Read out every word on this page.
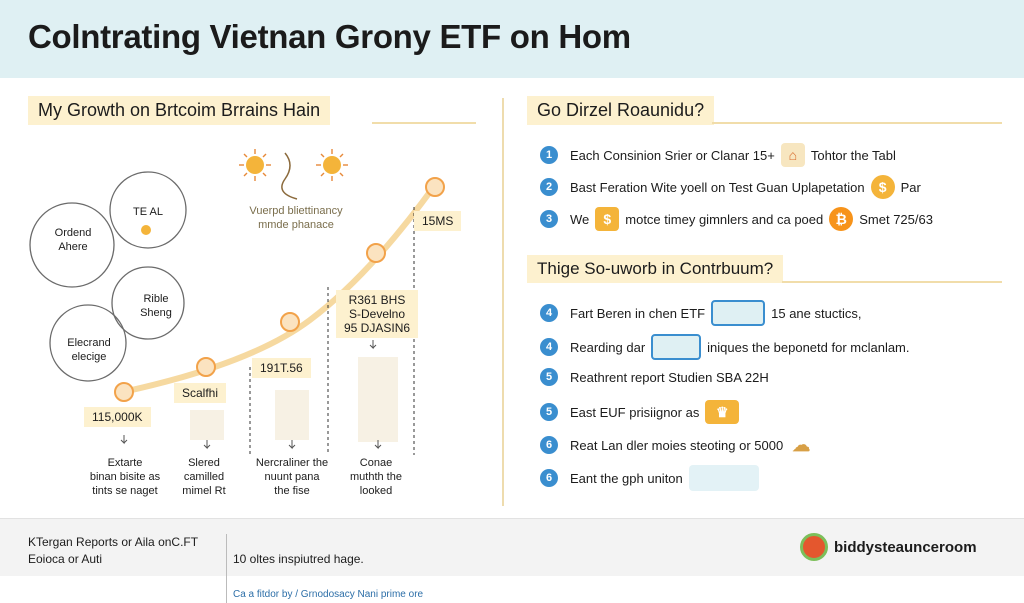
Colntrating Vietnan Grony ETF on Hom
My Growth on Brtcoim Brrains Hain
TE AL
Ordend
Ahere
Rible
Sheng
Elecrand
elecige
Vuerpd bliettinancy
mmde phanace	15MS
R361 BHS
S-Develno
95 DJASIN6
191T.56
Scalfhi
115,000K
Extarte
binan bisite as
tints se naget
Slered
camilled
mimel Rt
Nercraliner the
nuunt pana
the fise
Conae
muthth the
looked
Go Dirzel Roaunidu?
1	Each Consinion Srier or Clanar 15+ ⌂	Tohtor the Tabl
2	Bast Feration Wite yoell on Test Guan Uplapetation	$	Par
3	We	$	motce timey gimnlers and ca poed ₿ Smet 725/63
Thige So-uworb in Contrbuum?
4	Fart Beren in chen ETF	15 ane stuctics,
4	Rearding dar	iniques the beponetd for mclanlam.
5	Reathrent report Studien SBA 22H
5	East EUF prisiignor as	♛
6	Reat Lan dler moies steoting or 5000 ☁
6	Eant the gph uniton
KTergan Reports or Aila onC.FT
Eoioca or Auti	10 oltes inspiutred hage.

Ca a fitdor by / Grnodosacy Nani prime ore

biddysteaunceroom
